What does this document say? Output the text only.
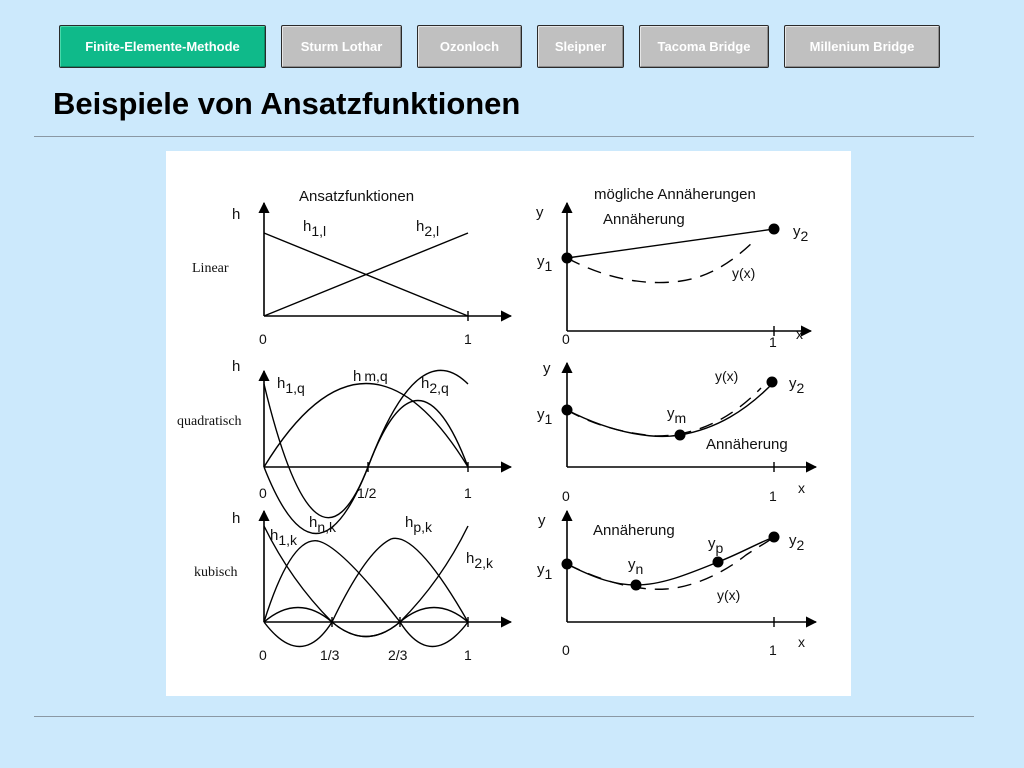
Finite-Elemente-Methode	Sturm Lothar	Ozonloch	Sleipner	Tacoma Bridge	Millenium Bridge
Beispiele von Ansatzfunktionen
Ansatzfunktionen	mögliche Annäherungen
h
Linear
h1,l	h2,l
0	1
y	Annäherung
y(x)
y1
y2
0	1 x
h
quadratisch
h1,q
h m,q h2,q
0	1/2	1
y	y(x)
Annäherung
y1	ym
y2
0	1 x
h
kubisch
h1,k
hn,k	hp,k
h2,k
0	1/3	2/3	1
y
Annäherung
y(x)
y1
yn
yp	y2
0	1 x
